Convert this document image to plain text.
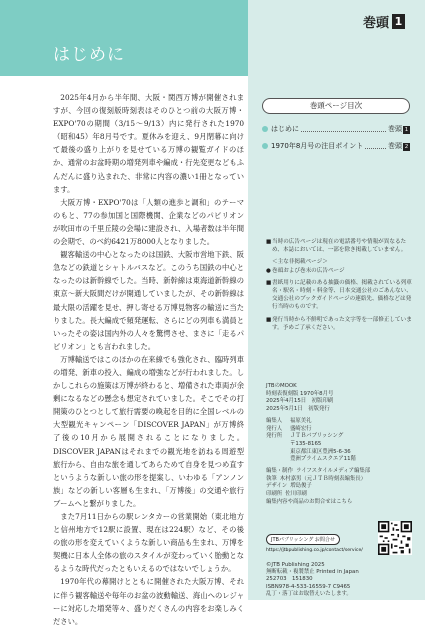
はじめに

2025年4月から半年間、大阪・関西万博が開催されますが、今回の復刻版時刻表はそのひとつ前の大阪万博・EXPO'70の期間（3/15〜9/13）内に発行された1970（昭和45）年8月号です。夏休みを迎え、9月閉幕に向けて最後の盛り上がりを見せている万博の観覧ガイドのほか、通常のお盆時期の増発列車や編成・行先変更などもふんだんに盛り込まれた、非常に内容の濃い1冊となっています。

大阪万博・EXPO'70は「人類の進歩と調和」のテーマのもと、77の参加国と国際機関、企業などのパビリオンが吹田市の千里丘陵の会場に建設され、入場者数は半年間の会期で、のべ約6421万8000人となりました。

観客輸送の中心となったのは国鉄、大阪市営地下鉄、阪急などの鉄道とシャトルバスなど。このうち国鉄の中心となったのは新幹線でした。当時、新幹線は東海道新幹線の東京〜新大阪間だけが開通していましたが、その新幹線は最大限の活躍を見せ、押し寄せる万博見物客の輸送に当たりました。長大編成で頻発運転、さらにどの列車も満員といったその姿は国内外の人々を驚愕させ、まさに「走るパビリオン」とも言われました。

万博輸送ではこのほかの在来線でも強化され、臨時列車の増発、新車の投入、編成の増強などが行われました。しかしこれらの施策は万博が終わると、増備された車両が余剰になるなどの懸念も想定されていました。そこでその打開策のひとつとして旅行需要の喚起を目的に全国レベルの大型観光キャンペーン「DISCOVER JAPAN」が万博終了後の10月から展開されることになりました。DISCOVER JAPANはそれまでの観光地を訪ねる周遊型旅行から、自由な旅を通してあらためて自身を見つめ直すというような新しい旅の形を提案し、いわゆる「アンノン族」などの新しい客層も生まれ、「万博後」の交通や旅行ブームへと繋がりました。

また7月11日からの駅レンタカーの営業開始（東北地方と信州地方で12駅に設置、現在は224駅）など、その後の旅の形を変えていくような新しい商品も生まれ、万博を契機に日本人全体の旅のスタイルが変わっていく胎動となるような時代だったともいえるのではないでしょうか。

1970年代の幕開けとともに開催された大阪万博、それに伴う観客輸送や毎年のお盆の波動輸送、海山へのレジャーに対応した増発等々、盛りだくさんの内容をお楽しみください。

巻頭 1
巻頭ページ目次
はじめに	巻頭 1
1970年8月号の注目ポイント	巻頭 2
■ 当時の広告ページは現在の電話番号や情報が異なるため、本誌においては、一部を除き掲載していません。
＜主な非掲載ページ＞
● 巻頭および巻末の広告ページ
■ 書紙用りに記載のある抽籤の価格、掲載されている列車名・駅名・時刻・料金等、日本交通公社のごあんない、交通公社のブックガイドページの連絡先、価格などは発行当時のものです。
■ 発行当時から不鮮明であった文字等を一部修正しています。予めご了承ください。
JTBのMOOK
時刻表復刻版 1970年8月号
2025年4月15日　初版印刷
2025年5月1日　初版発行
編集人	福原美礼
発行人	盛崎宏行
発行所	ＪＴＢパブリッシング
〒135-8165
東京都江東区豊洲5-6-36
豊洲プライムスクエア11階
編集・制作 ライフスタイルメディア編集部
執筆 木村嘉男（元ＪＴＢ時刻表編集長）
デザイン 増島俊子
印刷所 佐川印刷
編集内容や商品のお問合せはこちら
JTBパブリッシング お問合せ
https://jtbpublishing.co.jp/contact/service/
©JTB Publishing 2025
無断転載・複製禁止 Printed in Japan
252703　151830
ISBN978-4-533-16559-7 C9465
乱丁・落丁はお取替えいたします。
